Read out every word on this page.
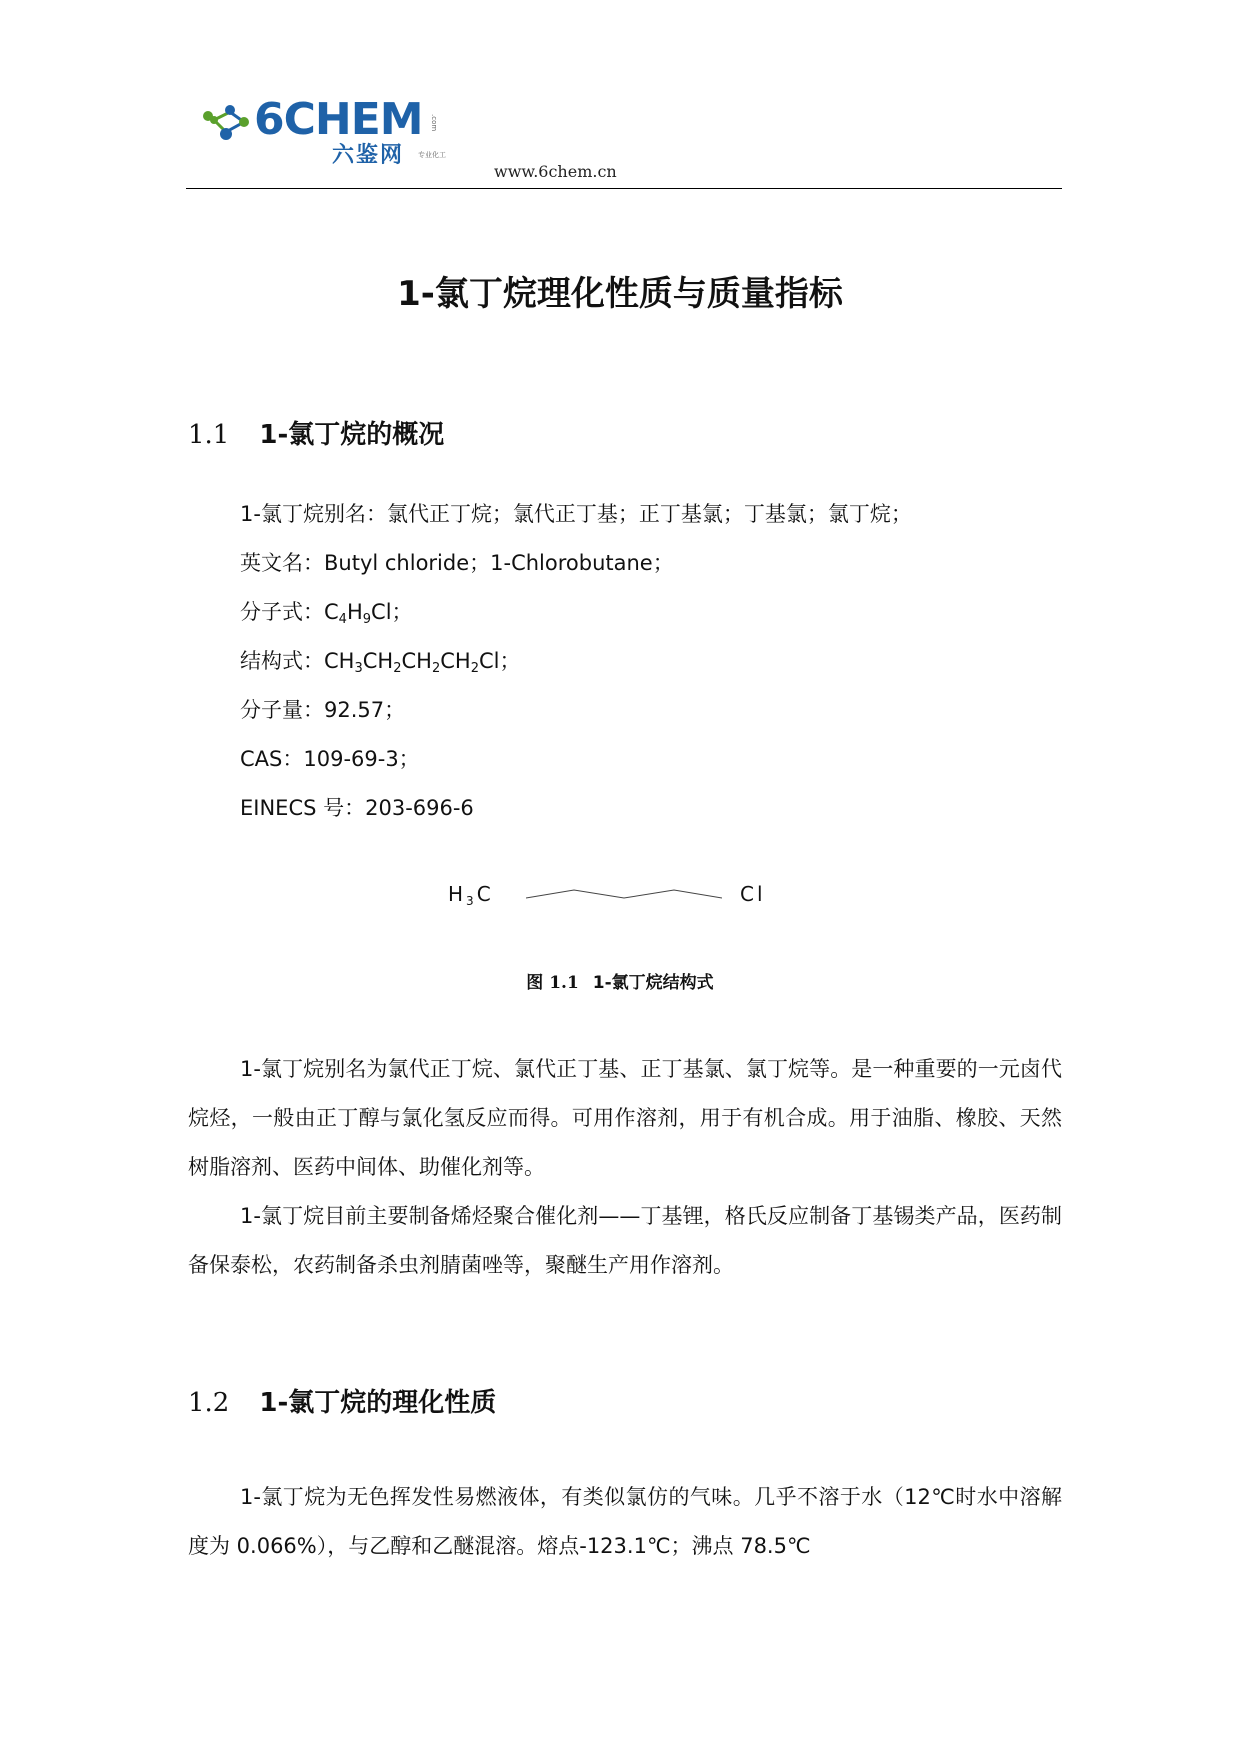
6CHEM
六鉴网 专业化工
.com
www.6chem.cn
1-氯丁烷理化性质与质量指标
1.1 1-氯丁烷的概况
1-氯丁烷别名：氯代正丁烷；氯代正丁基；正丁基氯；丁基氯；氯丁烷；
英文名：Butyl chloride；1-Chlorobutane；
分子式：$C_4H_9Cl$；
结构式：$CH_3CH_2CH_2CH_2Cl$；
分子量：92.57；
CAS：109-69-3；
EINECS 号：203-696-6
$H_3C$	Cl
图 1.1 1-氯丁烷结构式

1-氯丁烷别名为氯代正丁烷、氯代正丁基、正丁基氯、氯丁烷等。是一种重要的一元卤代烷烃，一般由正丁醇与氯化氢反应而得。可用作溶剂，用于有机合成。用于油脂、橡胶、天然树脂溶剂、医药中间体、助催化剂等。

1-氯丁烷目前主要制备烯烃聚合催化剂——丁基锂，格氏反应制备丁基锡类产品，医药制备保泰松，农药制备杀虫剂腈菌唑等，聚醚生产用作溶剂。

1.2 1-氯丁烷的理化性质

1-氯丁烷为无色挥发性易燃液体，有类似氯仿的气味。几乎不溶于水（12℃时水中溶解度为 0.066%），与乙醇和乙醚混溶。熔点-123.1℃；沸点 78.5℃
